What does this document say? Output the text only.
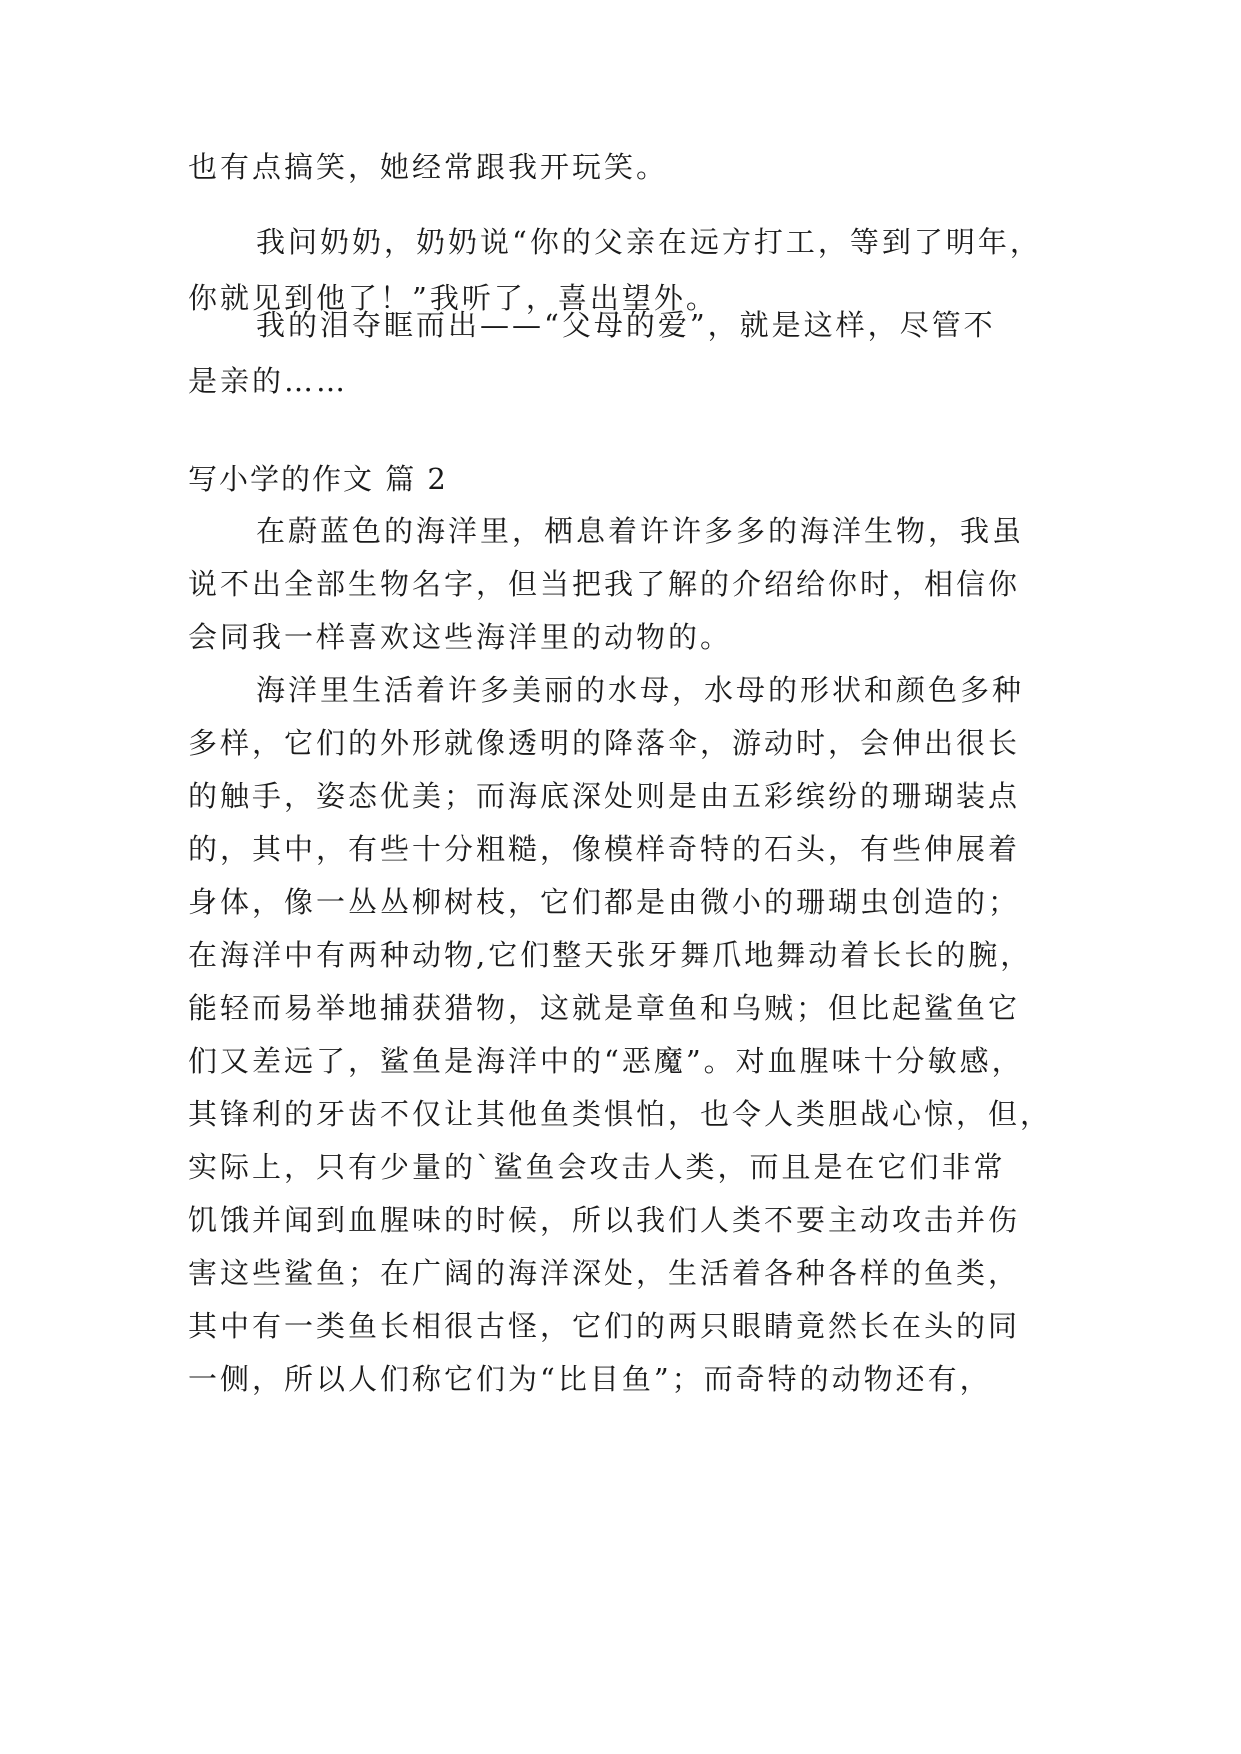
也有点搞笑，她经常跟我开玩笑。
我问奶奶，奶奶说“你的父亲在远方打工，等到了明年，
你就见到他了！”我听了，喜出望外。
我的泪夺眶而出——“父母的爱”，就是这样，尽管不
是亲的……
写小学的作文 篇 2
在蔚蓝色的海洋里，栖息着许许多多的海洋生物，我虽
说不出全部生物名字，但当把我了解的介绍给你时，相信你
会同我一样喜欢这些海洋里的动物的。
海洋里生活着许多美丽的水母，水母的形状和颜色多种
多样，它们的外形就像透明的降落伞，游动时，会伸出很长
的触手，姿态优美；而海底深处则是由五彩缤纷的珊瑚装点
的，其中，有些十分粗糙，像模样奇特的石头，有些伸展着
身体，像一丛丛柳树枝，它们都是由微小的珊瑚虫创造的；
在海洋中有两种动物,它们整天张牙舞爪地舞动着长长的腕，
能轻而易举地捕获猎物，这就是章鱼和乌贼；但比起鲨鱼它
们又差远了，鲨鱼是海洋中的“恶魔”。对血腥味十分敏感，
其锋利的牙齿不仅让其他鱼类惧怕，也令人类胆战心惊，但，
实际上，只有少量的`鲨鱼会攻击人类，而且是在它们非常
饥饿并闻到血腥味的时候，所以我们人类不要主动攻击并伤
害这些鲨鱼；在广阔的海洋深处，生活着各种各样的鱼类，
其中有一类鱼长相很古怪，它们的两只眼睛竟然长在头的同
一侧，所以人们称它们为“比目鱼”；而奇特的动物还有，
